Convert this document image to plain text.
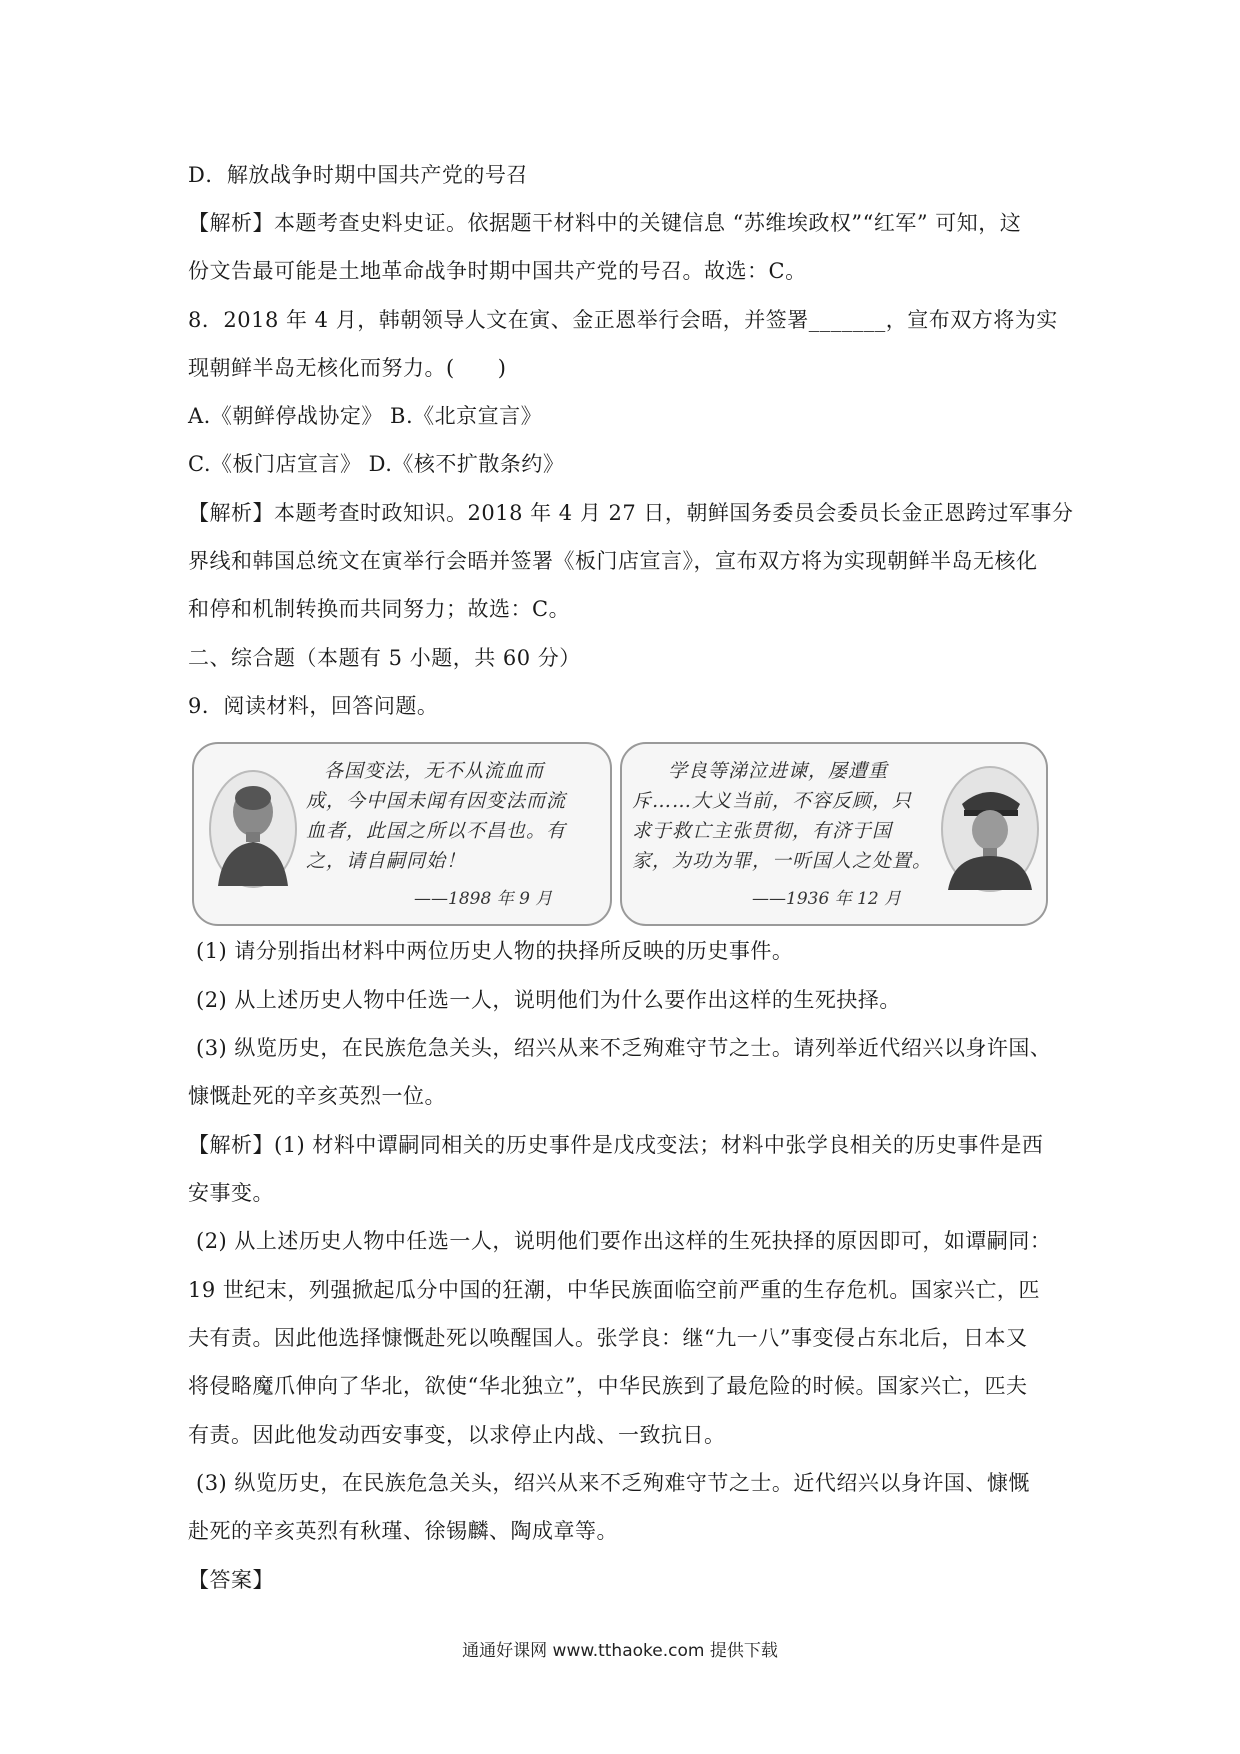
D．解放战争时期中国共产党的号召
【解析】本题考查史料史证。依据题干材料中的关键信息 “苏维埃政权”“红军” 可知，这
份文告最可能是土地革命战争时期中国共产党的号召。故选：C。
8．2018 年 4 月，韩朝领导人文在寅、金正恩举行会晤，并签署_______，宣布双方将为实
现朝鲜半岛无核化而努力。(　　)
A.《朝鲜停战协定》 B.《北京宣言》
C.《板门店宣言》 D.《核不扩散条约》
【解析】本题考查时政知识。2018 年 4 月 27 日，朝鲜国务委员会委员长金正恩跨过军事分
界线和韩国总统文在寅举行会晤并签署《板门店宣言》，宣布双方将为实现朝鲜半岛无核化
和停和机制转换而共同努力；故选：C。
二、综合题（本题有 5 小题，共 60 分）
9．阅读材料，回答问题。
各国变法，无不从流血而
成，今中国未闻有因变法而流
血者，此国之所以不昌也。有
之，请自嗣同始！
——1898 年 9 月
学良等涕泣进谏，屡遭重
斥……大义当前，不容反顾，只
求于救亡主张贯彻，有济于国
家，为功为罪，一听国人之处置。
——1936 年 12 月
(1) 请分别指出材料中两位历史人物的抉择所反映的历史事件。
(2) 从上述历史人物中任选一人，说明他们为什么要作出这样的生死抉择。
(3) 纵览历史，在民族危急关头，绍兴从来不乏殉难守节之士。请列举近代绍兴以身许国、
慷慨赴死的辛亥英烈一位。
【解析】(1) 材料中谭嗣同相关的历史事件是戊戌变法；材料中张学良相关的历史事件是西
安事变。
(2) 从上述历史人物中任选一人，说明他们要作出这样的生死抉择的原因即可，如谭嗣同：
19 世纪末，列强掀起瓜分中国的狂潮，中华民族面临空前严重的生存危机。国家兴亡，匹
夫有责。因此他选择慷慨赴死以唤醒国人。张学良：继“九一八”事变侵占东北后，日本又
将侵略魔爪伸向了华北，欲使“华北独立”，中华民族到了最危险的时候。国家兴亡，匹夫
有责。因此他发动西安事变，以求停止内战、一致抗日。
(3) 纵览历史，在民族危急关头，绍兴从来不乏殉难守节之士。近代绍兴以身许国、慷慨
赴死的辛亥英烈有秋瑾、徐锡麟、陶成章等。
【答案】
通通好课网 www.tthaoke.com 提供下载
